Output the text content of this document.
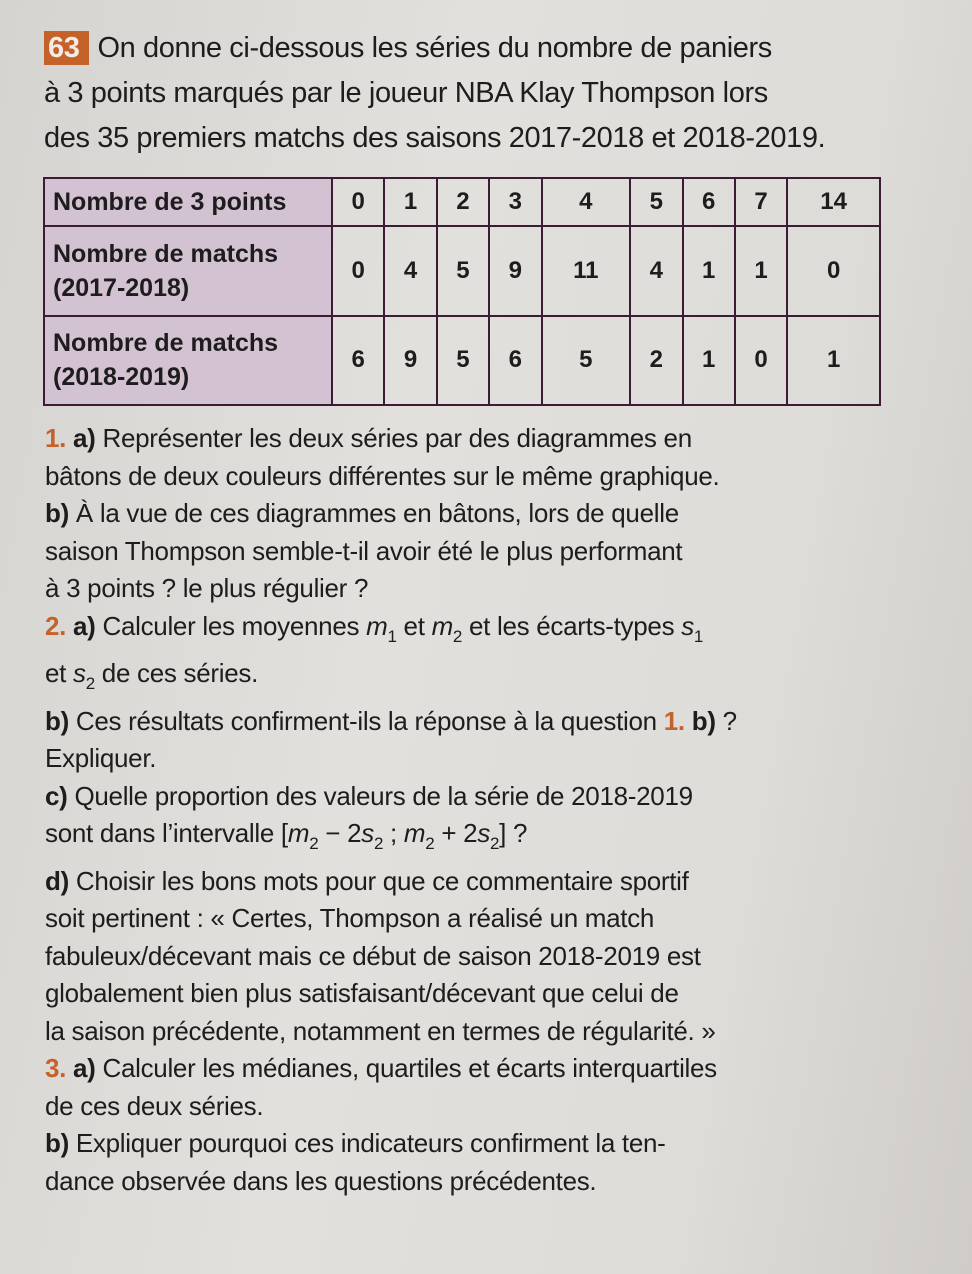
63 On donne ci-dessous les séries du nombre de paniers
à 3 points marqués par le joueur NBA Klay Thompson lors
des 35 premiers matchs des saisons 2017-2018 et 2018-2019.
Nombre de 3 points	0	1	2	3	4	5	6	7	14

Nombre de matchs
(2017-2018)	0	4	5	9	11	4	1	1	0

Nombre de matchs
(2018-2019)	6	9	5	6	5	2	1	0	1
1. a) Représenter les deux séries par des diagrammes en
bâtons de deux couleurs différentes sur le même graphique.
b) À la vue de ces diagrammes en bâtons, lors de quelle
saison Thompson semble-t-il avoir été le plus performant
à 3 points ? le plus régulier ?
2. a) Calculer les moyennes $m_1$ et $m_2$ et les écarts-types $s_1$
et $s_2$ de ces séries.
b) Ces résultats confirment-ils la réponse à la question 1. b) ?
Expliquer.
c) Quelle proportion des valeurs de la série de 2018-2019
sont dans l’intervalle [$m_2 - 2s_2$ ; $m_2 + 2s_2$] ?
d) Choisir les bons mots pour que ce commentaire sportif
soit pertinent : « Certes, Thompson a réalisé un match
fabuleux/décevant mais ce début de saison 2018-2019 est
globalement bien plus satisfaisant/décevant que celui de
la saison précédente, notamment en termes de régularité. »
3. a) Calculer les médianes, quartiles et écarts interquartiles
de ces deux séries.
b) Expliquer pourquoi ces indicateurs confirment la ten-
dance observée dans les questions précédentes.
